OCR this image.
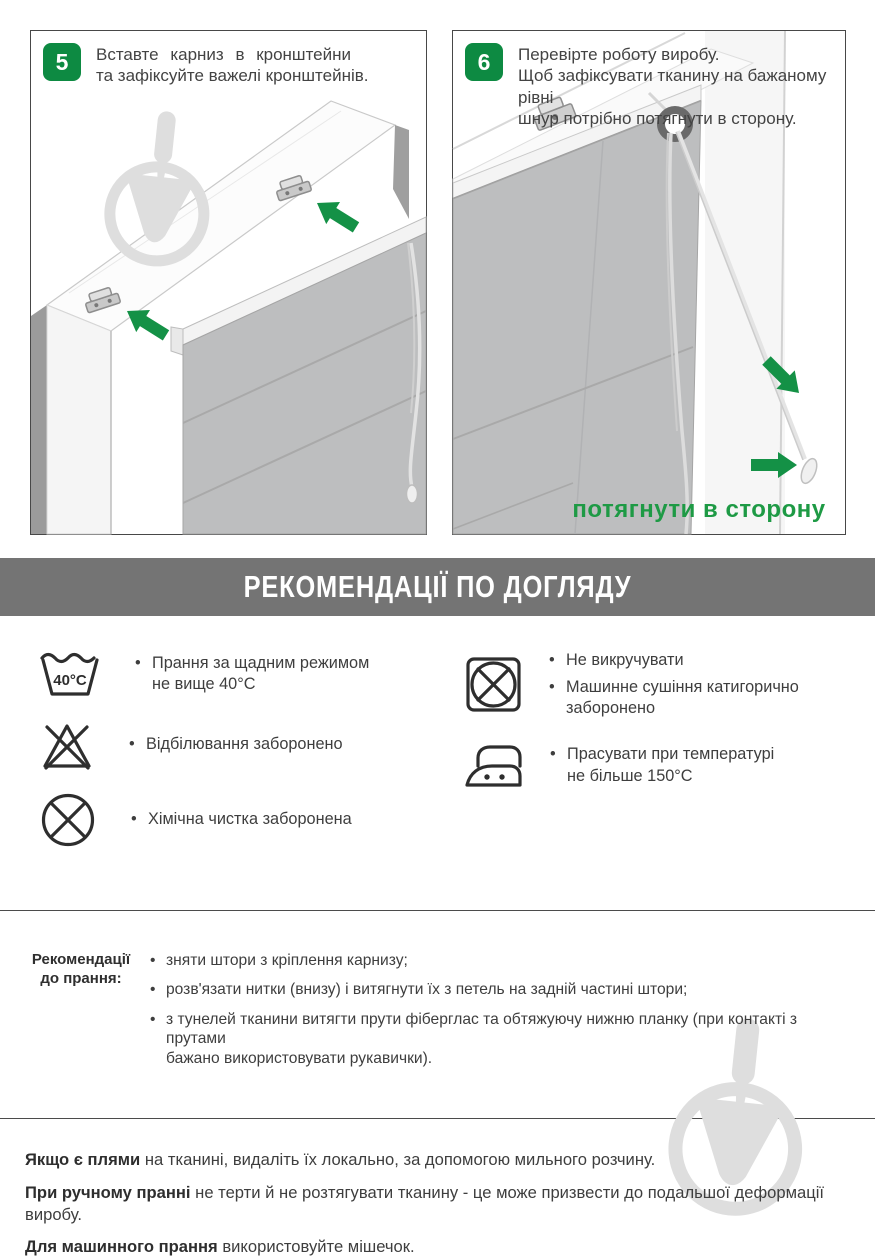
5	Вставте карниз в кронштейни
та зафіксуйте важелі кронштейнів.
6	Перевірте роботу виробу.
Щоб зафіксувати тканину на бажаному рівні
шнур потрібно потягнути в сторону.
потягнути в сторону
РЕКОМЕНДАЦІЇ ПО ДОГЛЯДУ
40°C
• Прання за щадним режимом
не вище 40°С
• Відбілювання заборонено
• Хімічна чистка заборонена
• Не викручувати
• Машинне сушіння катигорично
заборонено
• Прасувати при температурі
не більше 150°С
Рекомендації
до прання:
• зняти штори з кріплення карнизу;
• розв'язати нитки (внизу) і витягнути їх з петель на задній частині штори;
• з тунелей тканини витягти прути фіберглас та обтяжуючу нижню планку (при контакті з прутами
бажано використовувати рукавички).
Якщо є плями на тканині, видаліть їх локально, за допомогою мильного розчину.
При ручному пранні не терти й не розтягувати тканину - це може призвести до подальшої деформації виробу.
Для машинного прання використовуйте мішечок.
